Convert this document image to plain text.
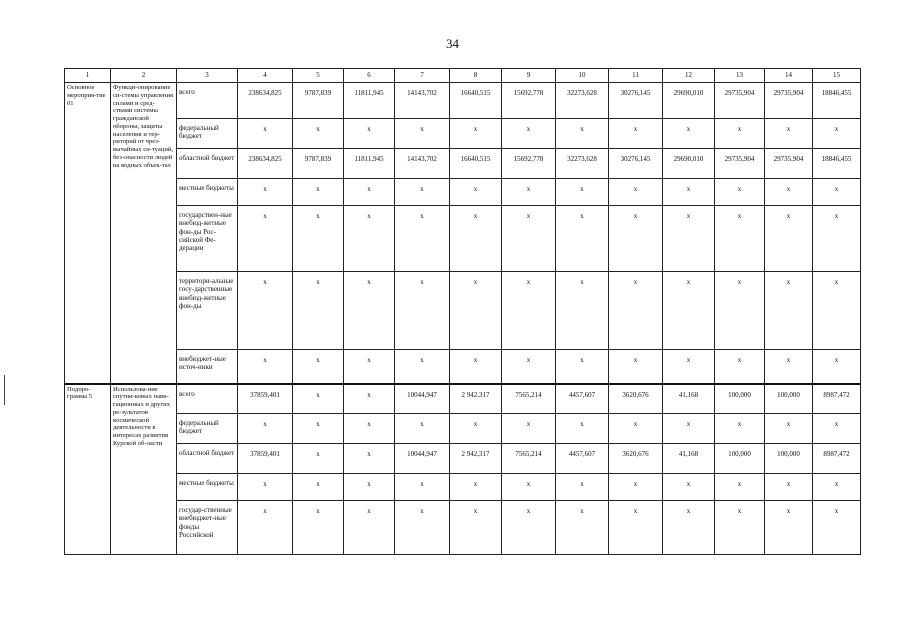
34
1	2	3	4	5	6	7	8	9	10	11	12	13	14	15
Основное мероприя-тие 01	Функци-онирование си-стемы управления силами и сред-ствами системы гражданской обороны, защиты населения и тер-риторий от чрез-вычайных си-туаций, без-опасности людей на водных объек-тах	всего	238634,825	9787,839	11811,945	14143,702	16640,515	15692,778	32273,628	30276,145	29690,010	29735,904	29735,904	18846,455
		федеральный бюджет	x	x	x	x	x	x	x	x	x	x	x	x
		областной бюджет	238634,825	9787,839	11811,945	14143,702	16640,515	15692,778	32273,628	30276,145	29690,010	29735,904	29735,904	18846,455
		местные бюджеты	x	x	x	x	x	x	x	x	x	x	x	x
		государствен-ные внебюд-жетные фон-ды Рос-сийской Фе-дерации	x	x	x	x	x	x	x	x	x	x	x	x
		территори-альные госу-дарственные внебюд-жетные фон-ды	x	x	x	x	x	x	x	x	x	x	x	x
		внебюджет-ные источ-ники	x	x	x	x	x	x	x	x	x	x	x	x
Подпро-грамма 5	Использова-ние спутни-ковых нави-гационных и других ре-зультатов космической деятельности в интересах развития Курской об-ласти	всего	37859,401	x	x	10044,947	2 942,317	7565,214	4457,607	3620,676	41,168	100,000	100,000	8987,472
		федеральный бюджет	x	x	x	x	x	x	x	x	x	x	x	x
		областной бюджет	37859,401	x	x	10044,947	2 942,317	7565,214	4457,607	3620,676	41,168	100,000	100,000	8987,472
		местные бюджеты	x	x	x	x	x	x	x	x	x	x	x	x
		государ-ственные внебюджет-ные фонды Российской	x	x	x	x	x	x	x	x	x	x	x	x
